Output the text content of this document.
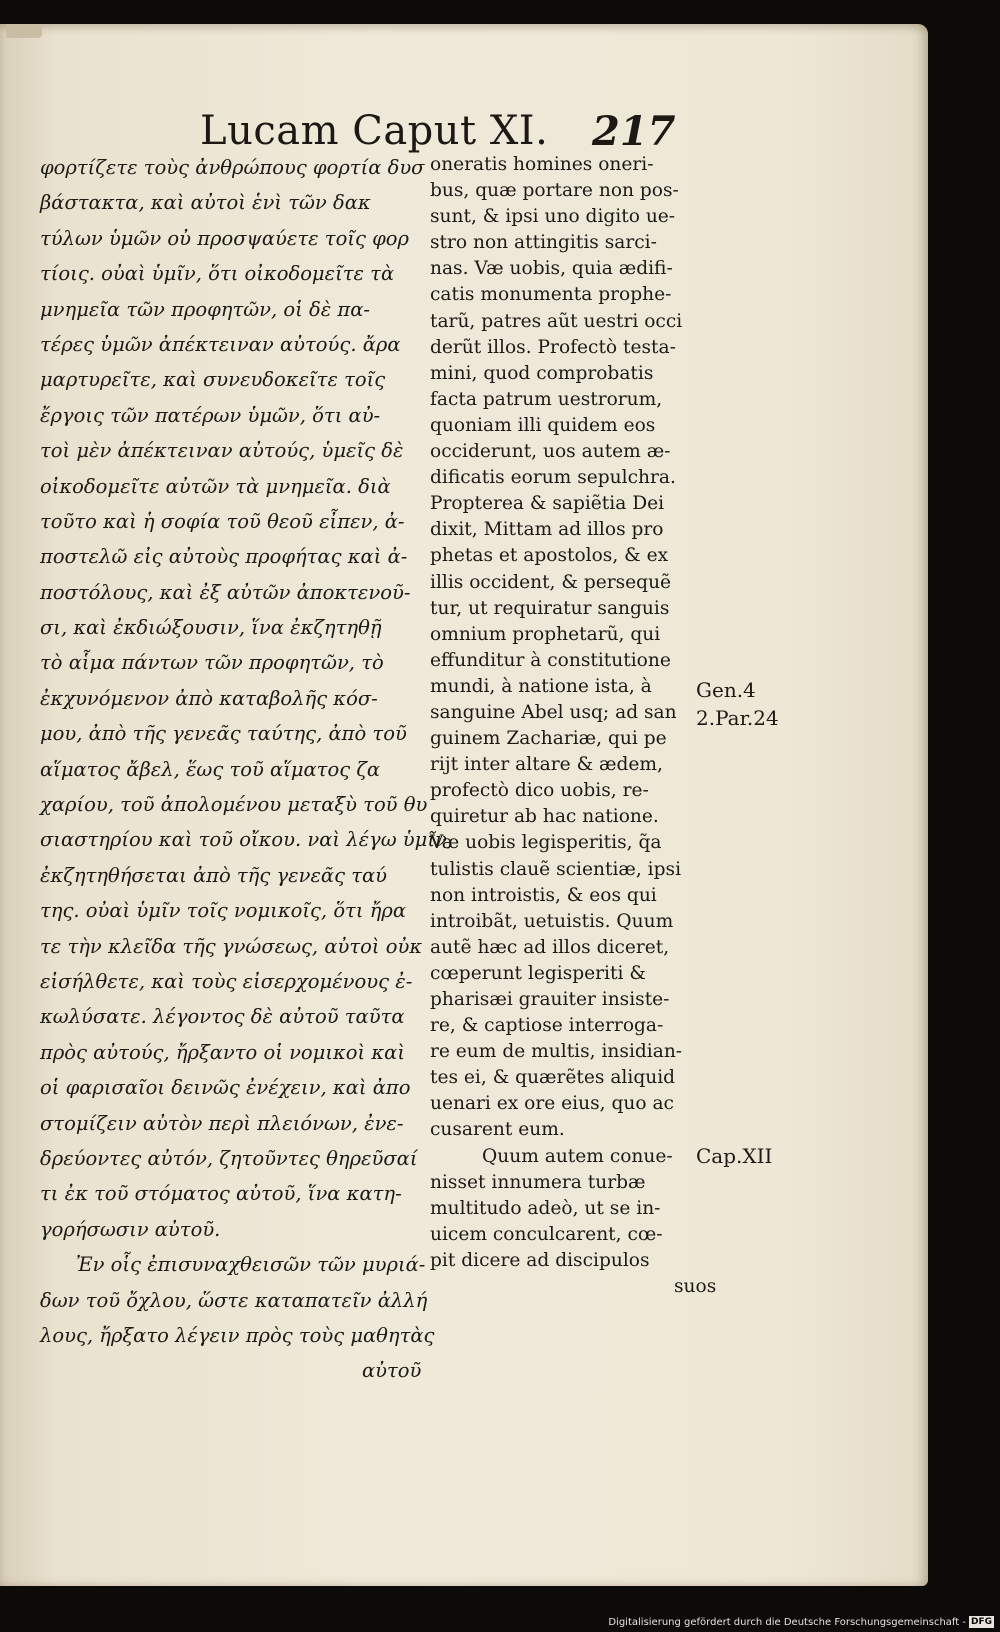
Lucam Caput XI. 217
φορτίζετε τοὺς ἀνθρώπους φορτία δυσ
βάστακτα, καὶ αὐτοὶ ἑνὶ τῶν δακ
τύλων ὑμῶν οὐ προσψαύετε τοῖς φορ
τίοις. οὐαὶ ὑμῖν, ὅτι οἰκοδομεῖτε τὰ
μνημεῖα τῶν προφητῶν, οἱ δὲ πα-
τέρες ὑμῶν ἀπέκτειναν αὐτούς. ἄρα
μαρτυρεῖτε, καὶ συνευδοκεῖτε τοῖς
ἔργοις τῶν πατέρων ὑμῶν, ὅτι αὐ-
τοὶ μὲν ἀπέκτειναν αὐτούς, ὑμεῖς δὲ
οἰκοδομεῖτε αὐτῶν τὰ μνημεῖα. διὰ
τοῦτο καὶ ἡ σοφία τοῦ θεοῦ εἶπεν, ἀ-
ποστελῶ εἰς αὐτοὺς προφήτας καὶ ἀ-
ποστόλους, καὶ ἐξ αὐτῶν ἀποκτενοῦ-
σι, καὶ ἐκδιώξουσιν, ἵνα ἐκζητηθῇ
τὸ αἷμα πάντων τῶν προφητῶν, τὸ
ἐκχυνόμενον ἀπὸ καταβολῆς κόσ-
μου, ἀπὸ τῆς γενεᾶς ταύτης, ἀπὸ τοῦ
αἵματος ἄβελ, ἕως τοῦ αἵματος ζα
χαρίου, τοῦ ἀπολομένου μεταξὺ τοῦ θυ
σιαστηρίου καὶ τοῦ οἴκου. ναὶ λέγω ὑμῖν,
ἐκζητηθήσεται ἀπὸ τῆς γενεᾶς ταύ
της. οὐαὶ ὑμῖν τοῖς νομικοῖς, ὅτι ἤρα
τε τὴν κλεῖδα τῆς γνώσεως, αὐτοὶ οὐκ
εἰσήλθετε, καὶ τοὺς εἰσερχομένους ἐ-
κωλύσατε. λέγοντος δὲ αὐτοῦ ταῦτα
πρὸς αὐτούς, ἤρξαντο οἱ νομικοὶ καὶ
οἱ φαρισαῖοι δεινῶς ἐνέχειν, καὶ ἀπο
στομίζειν αὐτὸν περὶ πλειόνων, ἐνε-
δρεύοντες αὐτόν, ζητοῦντες θηρεῦσαί
τι ἐκ τοῦ στόματος αὐτοῦ, ἵνα κατη-
γορήσωσιν αὐτοῦ.
Ἐν οἷς ἐπισυναχθεισῶν τῶν μυριά-
δων τοῦ ὄχλου, ὥστε καταπατεῖν ἀλλή
λους, ἤρξατο λέγειν πρὸς τοὺς μαθητὰς
αὐτοῦ
oneratis homines oneri-
bus, quæ portare non pos-
sunt, & ipsi uno digito ue-
stro non attingitis sarci-
nas. Væ uobis, quia ædifi-
catis monumenta prophe-
tarũ, patres aũt uestri occi
derũt illos. Profectò testa-
mini, quod comprobatis
facta patrum uestrorum,
quoniam illi quidem eos
occiderunt, uos autem æ-
dificatis eorum sepulchra.
Propterea & sapiẽtia Dei
dixit, Mittam ad illos pro
phetas et apostolos, & ex
illis occident, & persequẽ
tur, ut requiratur sanguis
omnium prophetarũ, qui
effunditur à constitutione
mundi, à natione ista, à
sanguine Abel usq; ad san
guinem Zachariæ, qui pe
rijt inter altare & ædem,
profectò dico uobis, re-
quiretur ab hac natione.
Væ uobis legisperitis, q̃a
tulistis clauẽ scientiæ, ipsi
non introistis, & eos qui
introibãt, uetuistis. Quum
autẽ hæc ad illos diceret,
cœperunt legisperiti &
pharisæi grauiter insiste-
re, & captiose interroga-
re eum de multis, insidian-
tes ei, & quærẽtes aliquid
uenari ex ore eius, quo ac
cusarent eum.
Quum autem conue-
nisset innumera turbæ
multitudo adeò, ut se in-
uicem conculcarent, cœ-
pit dicere ad discipulos
suos
Gen.4
2.Par.24
Cap.XII
Digitalisierung gefördert durch die Deutsche Forschungsgemeinschaft - DFG
